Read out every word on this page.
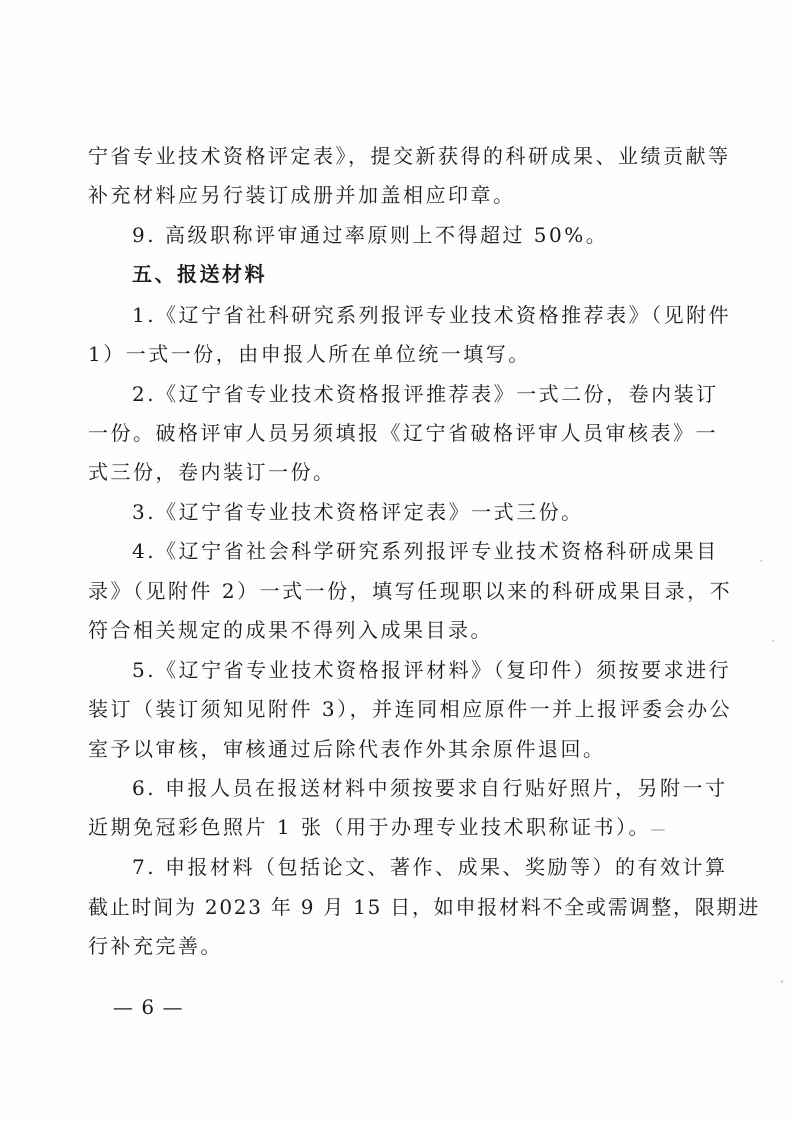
宁省专业技术资格评定表》，提交新获得的科研成果、业绩贡献等
补充材料应另行装订成册并加盖相应印章。
9. 高级职称评审通过率原则上不得超过 50%。
五、报送材料
1.《辽宁省社科研究系列报评专业技术资格推荐表》（见附件
1）一式一份，由申报人所在单位统一填写。
2.《辽宁省专业技术资格报评推荐表》一式二份，卷内装订
一份。破格评审人员另须填报《辽宁省破格评审人员审核表》一
式三份，卷内装订一份。
3.《辽宁省专业技术资格评定表》一式三份。
4.《辽宁省社会科学研究系列报评专业技术资格科研成果目
录》（见附件 2）一式一份，填写任现职以来的科研成果目录，不
符合相关规定的成果不得列入成果目录。
5.《辽宁省专业技术资格报评材料》（复印件）须按要求进行
装订（装订须知见附件 3），并连同相应原件一并上报评委会办公
室予以审核，审核通过后除代表作外其余原件退回。
6. 申报人员在报送材料中须按要求自行贴好照片，另附一寸
近期免冠彩色照片 1 张（用于办理专业技术职称证书）。
7. 申报材料（包括论文、著作、成果、奖励等）的有效计算
截止时间为 2023 年 9 月 15 日，如申报材料不全或需调整，限期进
行补充完善。
— 6 —
